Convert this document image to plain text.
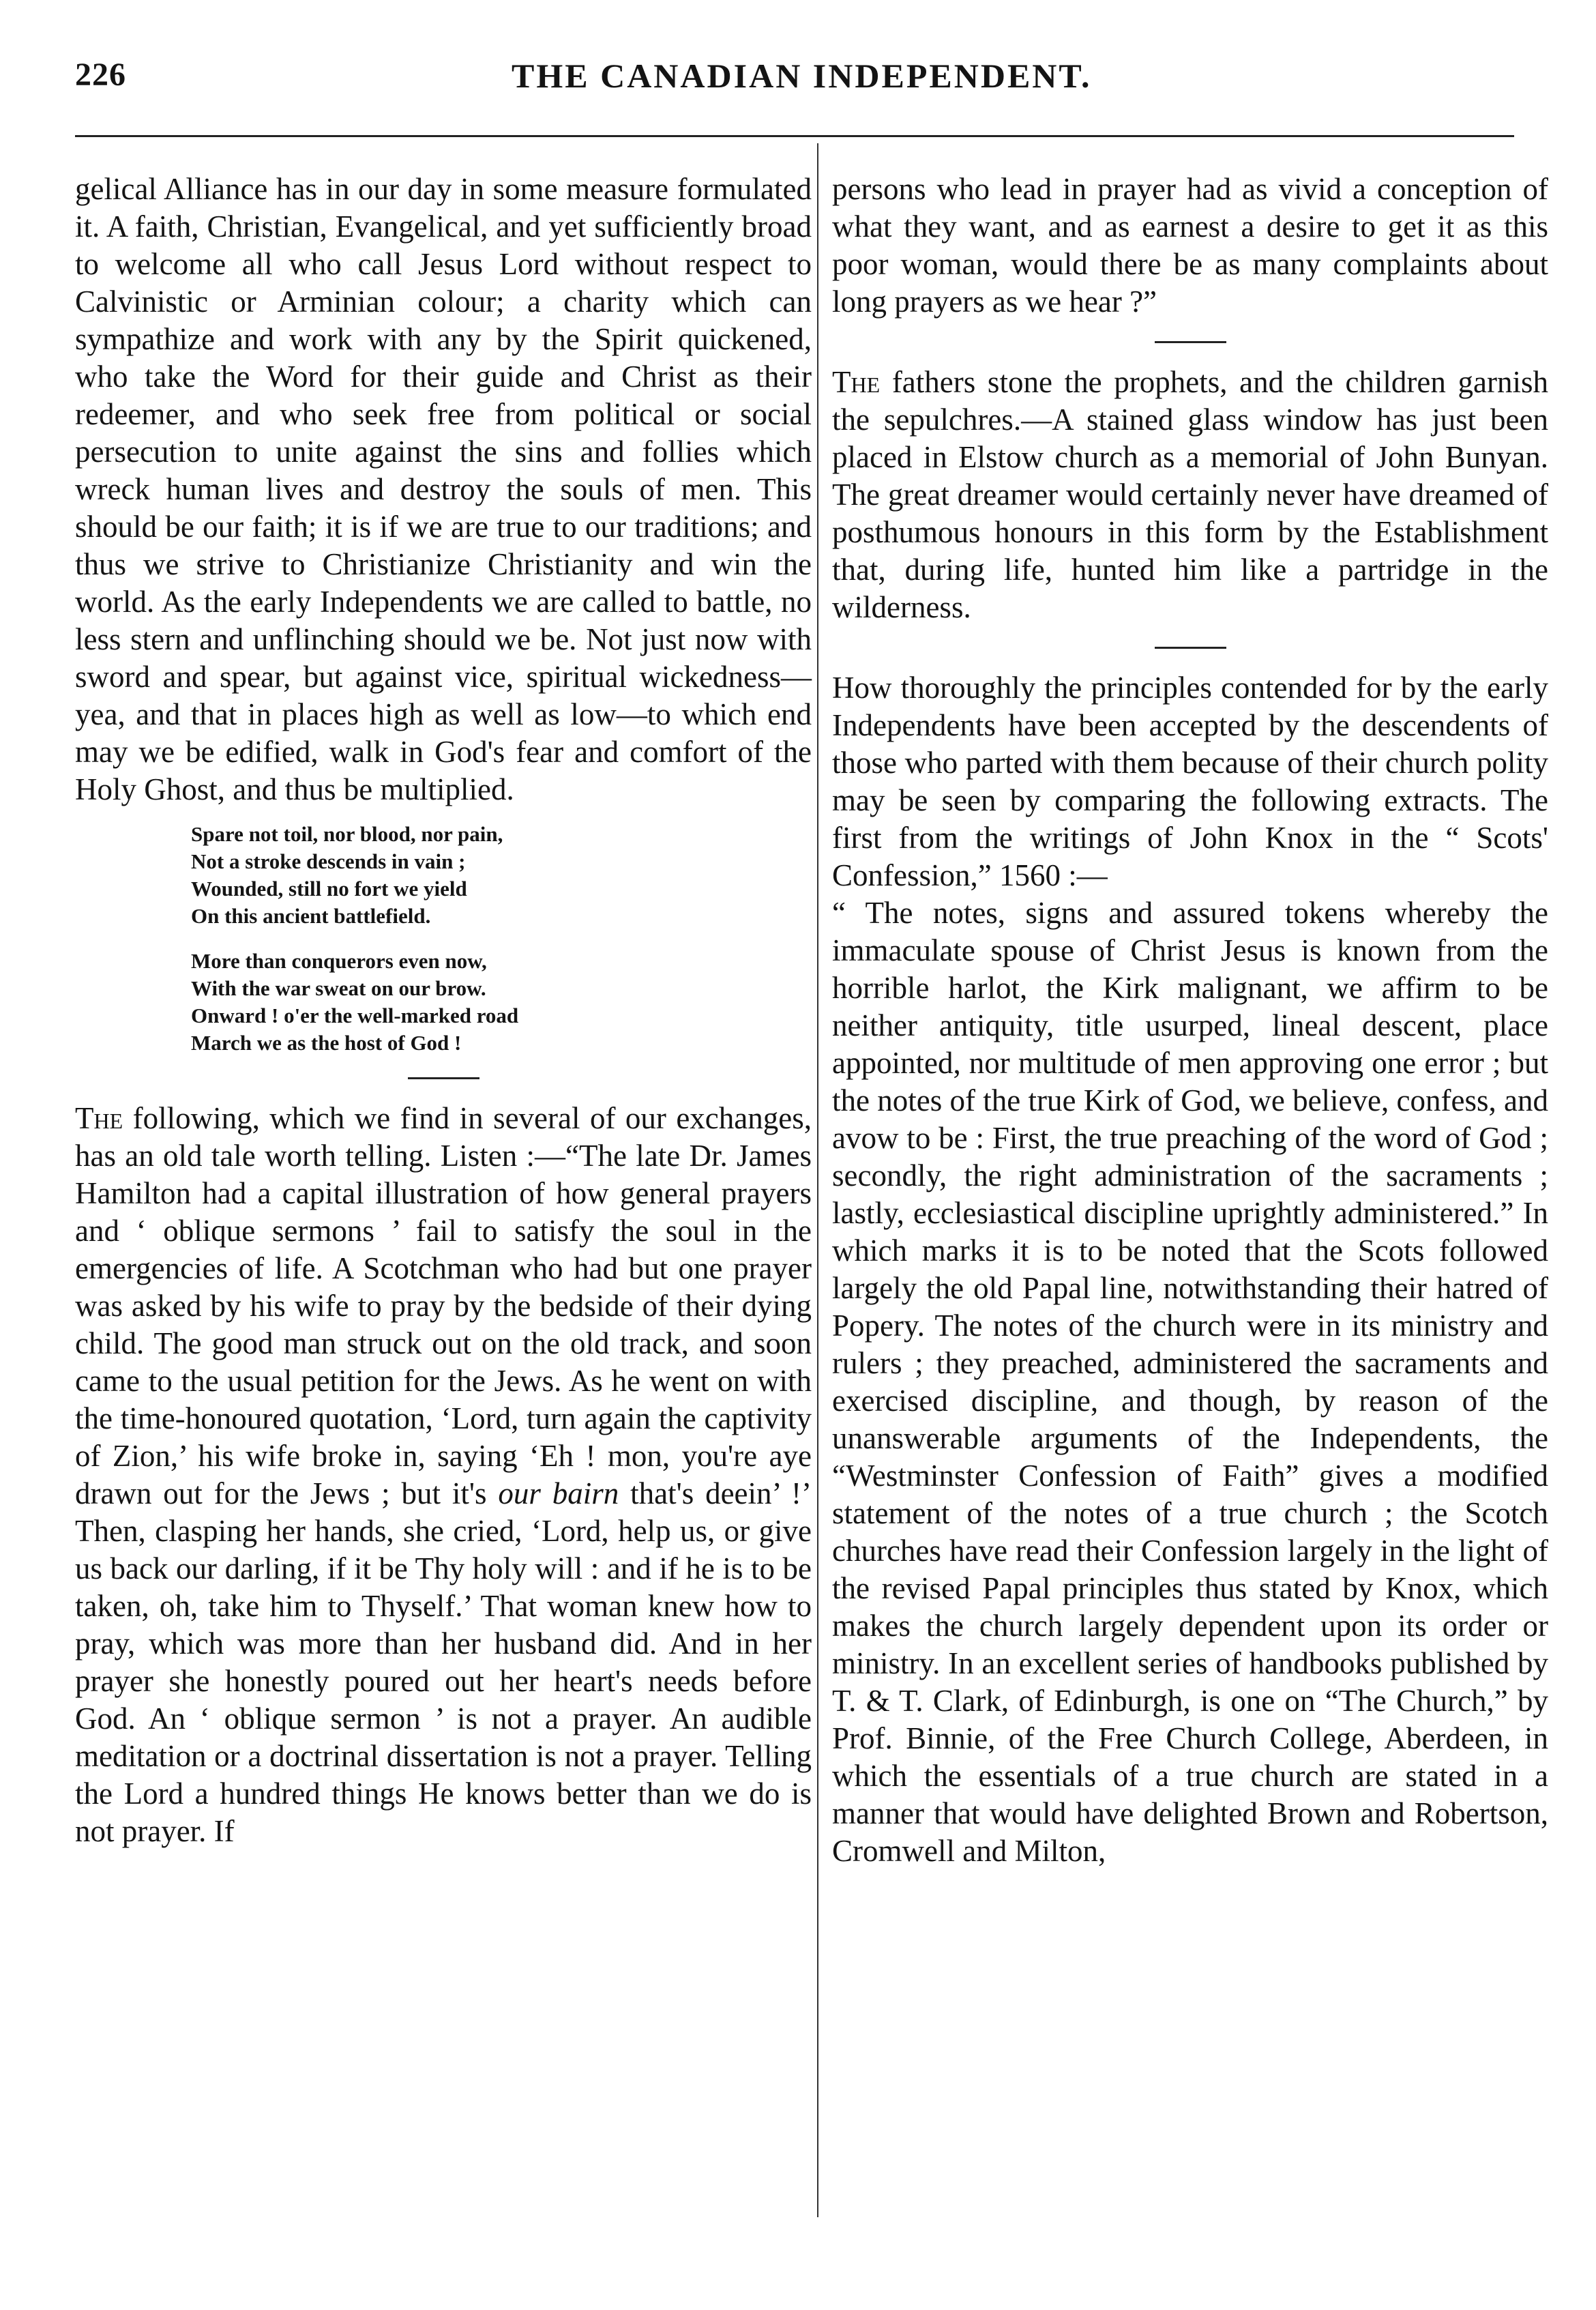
226	THE CANADIAN INDEPENDENT.

gelical Alliance has in our day in some measure formulated it. A faith, Christian, Evangelical, and yet sufficiently broad to welcome all who call Jesus Lord without respect to Calvinistic or Arminian colour; a charity which can sympathize and work with any by the Spirit quickened, who take the Word for their guide and Christ as their redeemer, and who seek free from political or social persecution to unite against the sins and follies which wreck human lives and destroy the souls of men. This should be our faith; it is if we are true to our traditions; and thus we strive to Christianize Christianity and win the world. As the early Independents we are called to battle, no less stern and unflinching should we be. Not just now with sword and spear, but against vice, spiritual wickedness—yea, and that in places high as well as low—to which end may we be edified, walk in God's fear and comfort of the Holy Ghost, and thus be multiplied.

Spare not toil, nor blood, nor pain,
Not a stroke descends in vain ;
Wounded, still no fort we yield
On this ancient battlefield.
More than conquerors even now,
With the war sweat on our brow.
Onward ! o'er the well-marked road
March we as the host of God !

The following, which we find in several of our exchanges, has an old tale worth telling. Listen :—“The late Dr. James Hamilton had a capital illustration of how general prayers and ‘ oblique sermons ’ fail to satisfy the soul in the emergencies of life. A Scotchman who had but one prayer was asked by his wife to pray by the bedside of their dying child. The good man struck out on the old track, and soon came to the usual petition for the Jews. As he went on with the time-honoured quotation, ‘Lord, turn again the captivity of Zion,’ his wife broke in, saying ‘Eh ! mon, you're aye drawn out for the Jews ; but it's our bairn that's deein’ !’ Then, clasping her hands, she cried, ‘Lord, help us, or give us back our darling, if it be Thy holy will : and if he is to be taken, oh, take him to Thyself.’ That woman knew how to pray, which was more than her husband did. And in her prayer she honestly poured out her heart's needs before God. An ‘ oblique sermon ’ is not a prayer. An audible meditation or a doctrinal dissertation is not a prayer. Telling the Lord a hundred things He knows better than we do is not prayer. If

persons who lead in prayer had as vivid a conception of what they want, and as earnest a desire to get it as this poor woman, would there be as many complaints about long prayers as we hear ?”

The fathers stone the prophets, and the children garnish the sepulchres.—A stained glass window has just been placed in Elstow church as a memorial of John Bunyan. The great dreamer would certainly never have dreamed of posthumous honours in this form by the Establishment that, during life, hunted him like a partridge in the wilderness.

How thoroughly the principles contended for by the early Independents have been accepted by the descendents of those who parted with them because of their church polity may be seen by comparing the following extracts. The first from the writings of John Knox in the “ Scots' Confession,” 1560 :—

“ The notes, signs and assured tokens whereby the immaculate spouse of Christ Jesus is known from the horrible harlot, the Kirk malignant, we affirm to be neither antiquity, title usurped, lineal descent, place appointed, nor multitude of men approving one error ; but the notes of the true Kirk of God, we believe, confess, and avow to be : First, the true preaching of the word of God ; secondly, the right administration of the sacraments ; lastly, ecclesiastical discipline uprightly administered.” In which marks it is to be noted that the Scots followed largely the old Papal line, notwithstanding their hatred of Popery. The notes of the church were in its ministry and rulers ; they preached, administered the sacraments and exercised discipline, and though, by reason of the unanswerable arguments of the Independents, the “Westminster Confession of Faith” gives a modified statement of the notes of a true church ; the Scotch churches have read their Confession largely in the light of the revised Papal principles thus stated by Knox, which makes the church largely dependent upon its order or ministry. In an excellent series of handbooks published by T. & T. Clark, of Edinburgh, is one on “The Church,” by Prof. Binnie, of the Free Church College, Aberdeen, in which the essentials of a true church are stated in a manner that would have delighted Brown and Robertson, Cromwell and Milton,
